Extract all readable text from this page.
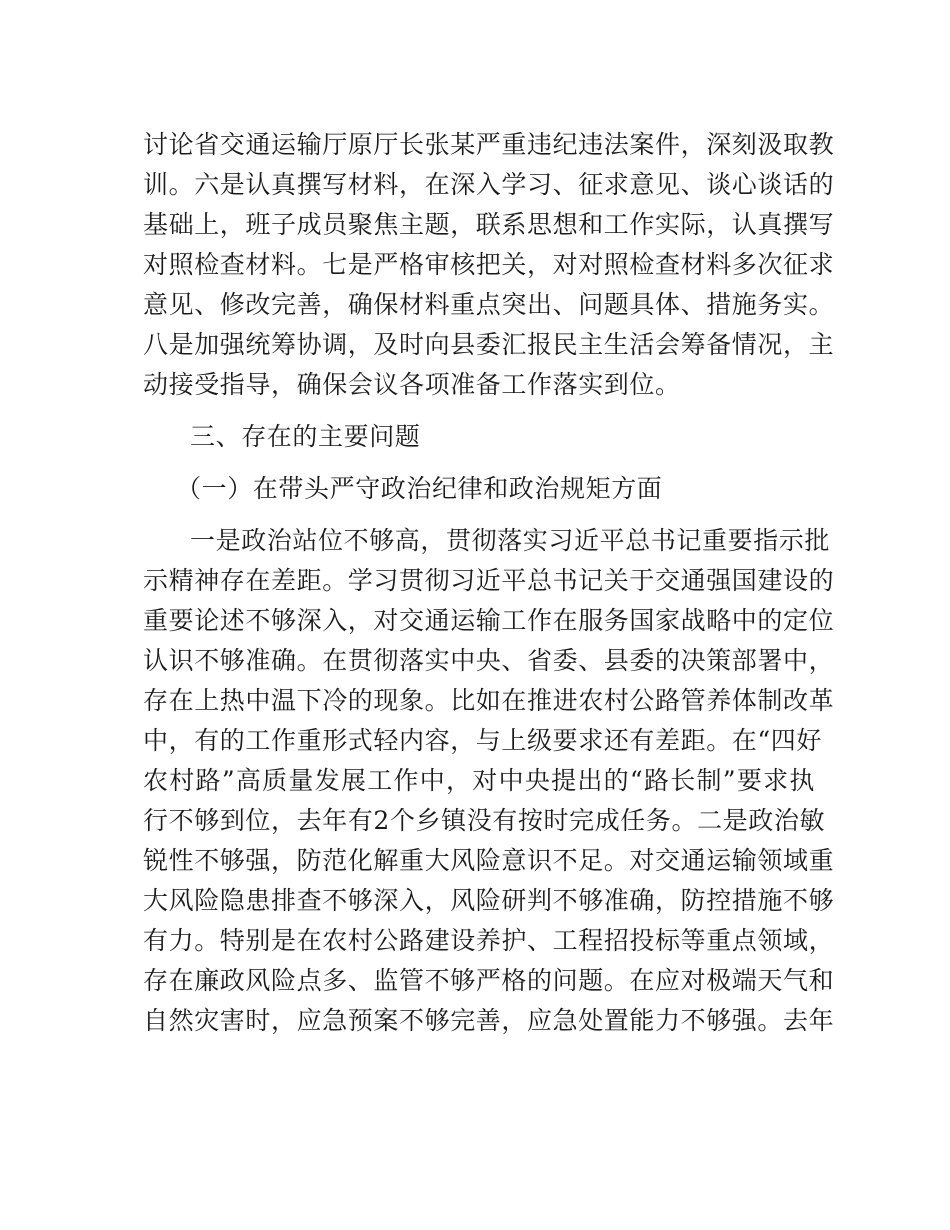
讨论省交通运输厅原厅长张某严重违纪违法案件，深刻汲取教
训。六是认真撰写材料，在深入学习、征求意见、谈心谈话的
基础上，班子成员聚焦主题，联系思想和工作实际，认真撰写
对照检查材料。七是严格审核把关，对对照检查材料多次征求
意见、修改完善，确保材料重点突出、问题具体、措施务实。
八是加强统筹协调，及时向县委汇报民主生活会筹备情况，主
动接受指导，确保会议各项准备工作落实到位。
三、存在的主要问题
（一）在带头严守政治纪律和政治规矩方面
一是政治站位不够高，贯彻落实习近平总书记重要指示批
示精神存在差距。学习贯彻习近平总书记关于交通强国建设的
重要论述不够深入，对交通运输工作在服务国家战略中的定位
认识不够准确。在贯彻落实中央、省委、县委的决策部署中，
存在上热中温下冷的现象。比如在推进农村公路管养体制改革
中，有的工作重形式轻内容，与上级要求还有差距。在“四好
农村路”高质量发展工作中，对中央提出的“路长制”要求执
行不够到位，去年有2个乡镇没有按时完成任务。二是政治敏
锐性不够强，防范化解重大风险意识不足。对交通运输领域重
大风险隐患排查不够深入，风险研判不够准确，防控措施不够
有力。特别是在农村公路建设养护、工程招投标等重点领域，
存在廉政风险点多、监管不够严格的问题。在应对极端天气和
自然灾害时，应急预案不够完善，应急处置能力不够强。去年
